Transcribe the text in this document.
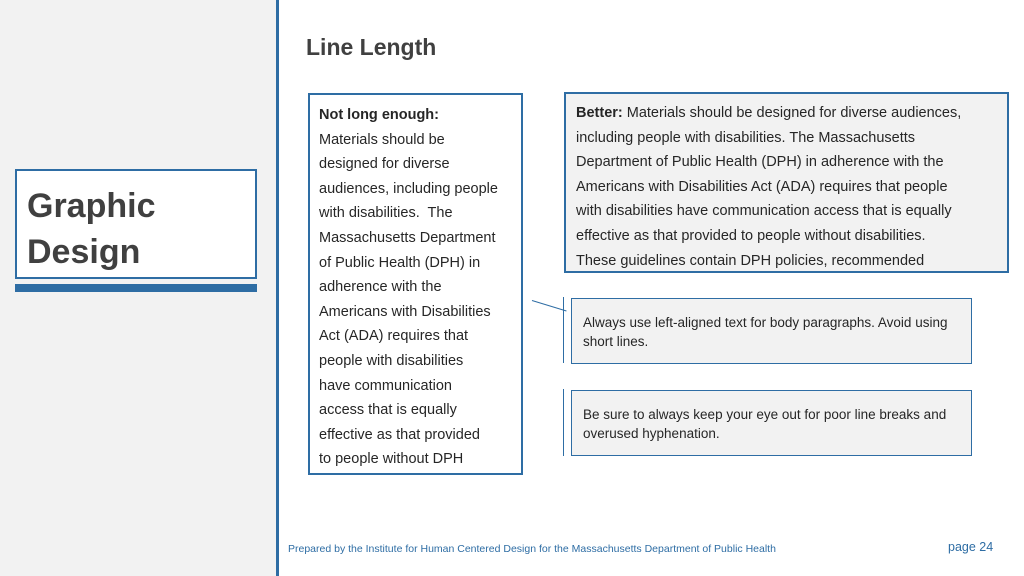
Graphic
Design
Line Length
Not long enough:
Materials should be
designed for diverse
audiences, including people
with disabilities.  The
Massachusetts Department
of Public Health (DPH) in
adherence with the
Americans with Disabilities
Act (ADA) requires that
people with disabilities
have communication
access that is equally
effective as that provided
to people without DPH
Better: Materials should be designed for diverse audiences,
including people with disabilities. The Massachusetts
Department of Public Health (DPH) in adherence with the
Americans with Disabilities Act (ADA) requires that people
with disabilities have communication access that is equally
effective as that provided to people without disabilities.
These guidelines contain DPH policies, recommended
Always use left-aligned text for body paragraphs. Avoid using short lines.
Be sure to always keep your eye out for poor line breaks and overused hyphenation.
Prepared by the Institute for Human Centered Design for the Massachusetts Department of Public Health	page 24
